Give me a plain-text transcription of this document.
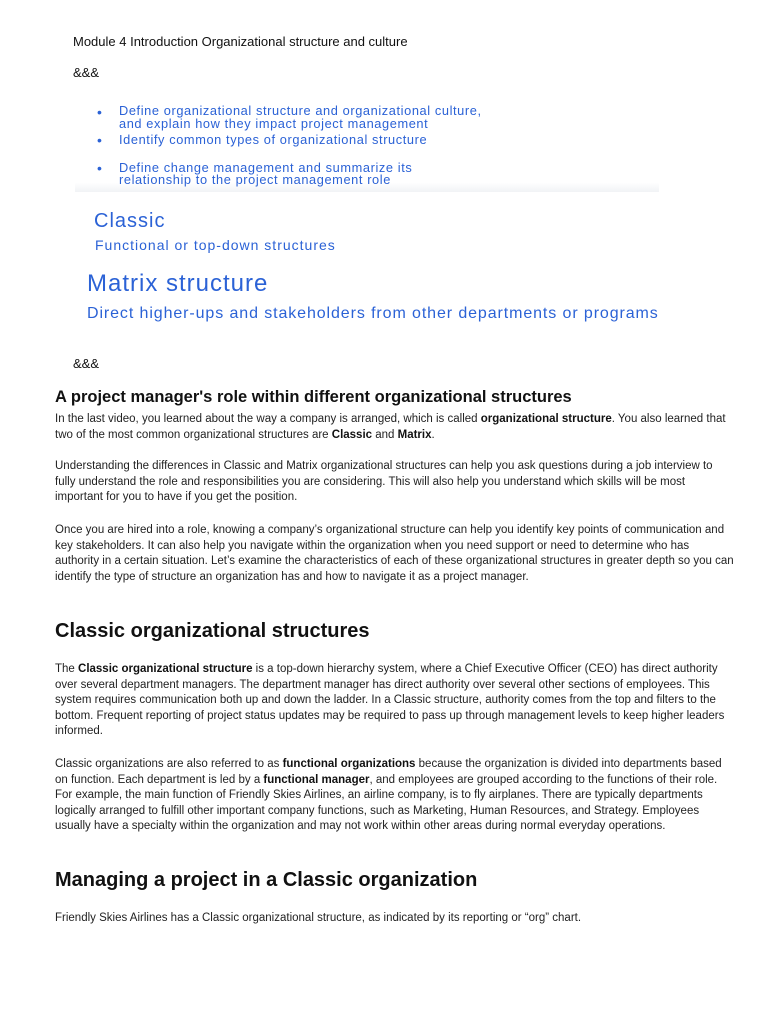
Module 4 Introduction Organizational structure and culture
&&&
•	Define organizational structure and organizational culture,
and explain how they impact project management
•	Identify common types of organizational structure
•	Define change management and summarize its
relationship to the project management role
Classic
Functional or top-down structures
Matrix structure
Direct higher-ups and stakeholders from other departments or programs
&&&
A project manager's role within different organizational structures
In the last video, you learned about the way a company is arranged, which is called organizational structure. You also learned that two of the most common organizational structures are Classic and Matrix.
Understanding the differences in Classic and Matrix organizational structures can help you ask questions during a job interview to fully understand the role and responsibilities you are considering. This will also help you understand which skills will be most important for you to have if you get the position.
Once you are hired into a role, knowing a company’s organizational structure can help you identify key points of communication and key stakeholders. It can also help you navigate within the organization when you need support or need to determine who has authority in a certain situation. Let’s examine the characteristics of each of these organizational structures in greater depth so you can identify the type of structure an organization has and how to navigate it as a project manager.
Classic organizational structures
The Classic organizational structure is a top-down hierarchy system, where a Chief Executive Officer (CEO) has direct authority over several department managers. The department manager has direct authority over several other sections of employees. This system requires communication both up and down the ladder. In a Classic structure, authority comes from the top and filters to the bottom. Frequent reporting of project status updates may be required to pass up through management levels to keep higher leaders informed.
Classic organizations are also referred to as functional organizations because the organization is divided into departments based on function. Each department is led by a functional manager, and employees are grouped according to the functions of their role. For example, the main function of Friendly Skies Airlines, an airline company, is to fly airplanes. There are typically departments logically arranged to fulfill other important company functions, such as Marketing, Human Resources, and Strategy. Employees usually have a specialty within the organization and may not work within other areas during normal everyday operations.
Managing a project in a Classic organization
Friendly Skies Airlines has a Classic organizational structure, as indicated by its reporting or “org” chart.
